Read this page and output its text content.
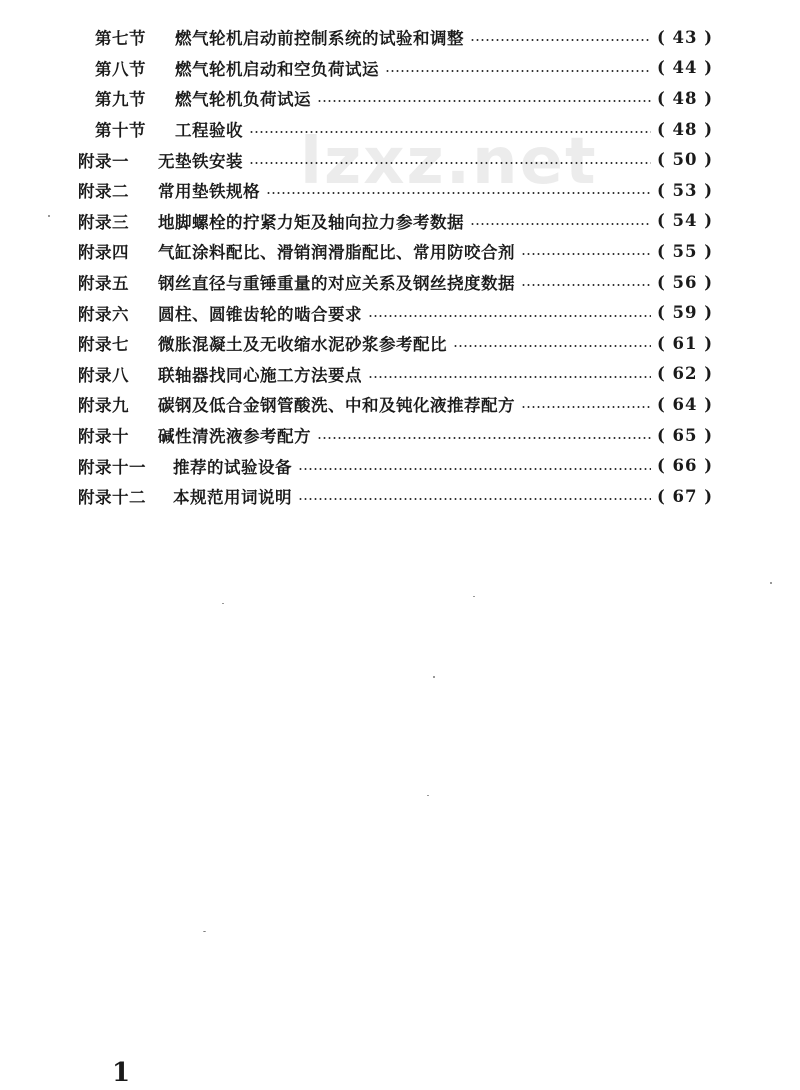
lzxz.net
第七节	燃气轮机启动前控制系统的试验和调整	( 43 )
第八节	燃气轮机启动和空负荷试运	( 44 )
第九节	燃气轮机负荷试运	( 48 )
第十节	工程验收	( 48 )
附录一	无垫铁安装	( 50 )
附录二	常用垫铁规格	( 53 )
附录三	地脚螺栓的拧紧力矩及轴向拉力参考数据	( 54 )
附录四	气缸涂料配比、滑销润滑脂配比、常用防咬合剂	( 55 )
附录五	钢丝直径与重锤重量的对应关系及钢丝挠度数据	( 56 )
附录六	圆柱、圆锥齿轮的啮合要求	( 59 )
附录七	微胀混凝土及无收缩水泥砂浆参考配比	( 61 )
附录八	联轴器找同心施工方法要点	( 62 )
附录九	碳钢及低合金钢管酸洗、中和及钝化液推荐配方	( 64 )
附录十	碱性清洗液参考配方	( 65 )
附录十一	推荐的试验设备	( 66 )
附录十二	本规范用词说明	( 67 )
1
